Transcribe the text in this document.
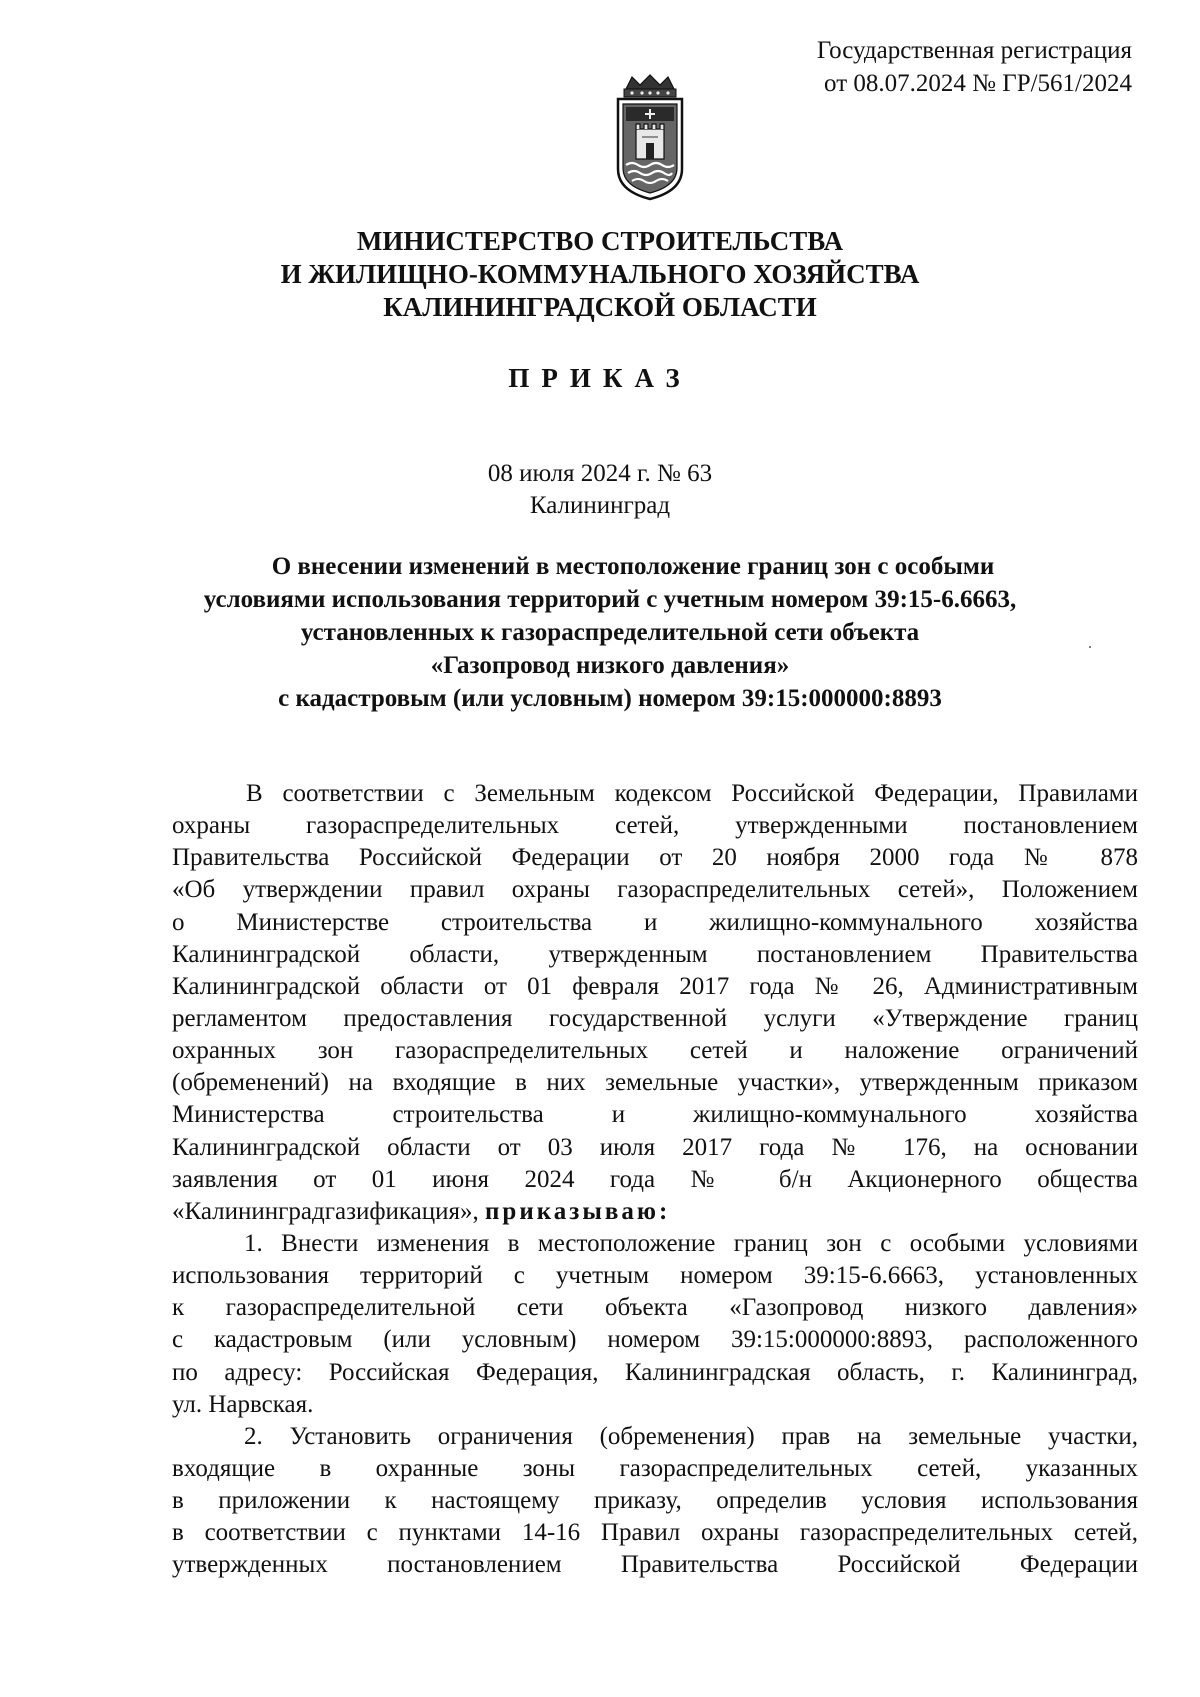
Государственная регистрация
от 08.07.2024 № ГР/561/2024
МИНИСТЕРСТВО СТРОИТЕЛЬСТВА
И ЖИЛИЩНО-КОММУНАЛЬНОГО ХОЗЯЙСТВА
КАЛИНИНГРАДСКОЙ ОБЛАСТИ
ПРИКАЗ
08 июля 2024 г. № 63
Калининград
О внесении изменений в местоположение границ зон с особыми
условиями использования территорий с учетным номером 39:15-6.6663,
установленных к газораспределительной сети объекта
«Газопровод низкого давления»
с кадастровым (или условным) номером 39:15:000000:8893
В соответствии с Земельным кодексом Российской Федерации, Правилами
охраны газораспределительных сетей, утвержденными постановлением
Правительства Российской Федерации от 20 ноября 2000 года № 878
«Об утверждении правил охраны газораспределительных сетей», Положением
о Министерстве строительства и жилищно-коммунального хозяйства
Калининградской области, утвержденным постановлением Правительства
Калининградской области от 01 февраля 2017 года № 26, Административным
регламентом предоставления государственной услуги «Утверждение границ
охранных зон газораспределительных сетей и наложение ограничений
(обременений) на входящие в них земельные участки», утвержденным приказом
Министерства строительства и жилищно-коммунального хозяйства
Калининградской области от 03 июля 2017 года № 176, на основании
заявления от 01 июня 2024 года № б/н Акционерного общества
«Калининградгазификация», приказываю:
1. Внести изменения в местоположение границ зон с особыми условиями
использования территорий с учетным номером 39:15-6.6663, установленных
к газораспределительной сети объекта «Газопровод низкого давления»
с кадастровым (или условным) номером 39:15:000000:8893, расположенного
по адресу: Российская Федерация, Калининградская область, г. Калининград,
ул. Нарвская.
2. Установить ограничения (обременения) прав на земельные участки,
входящие в охранные зоны газораспределительных сетей, указанных
в приложении к настоящему приказу, определив условия использования
в соответствии с пунктами 14-16 Правил охраны газораспределительных сетей,
утвержденных постановлением Правительства Российской Федерации
